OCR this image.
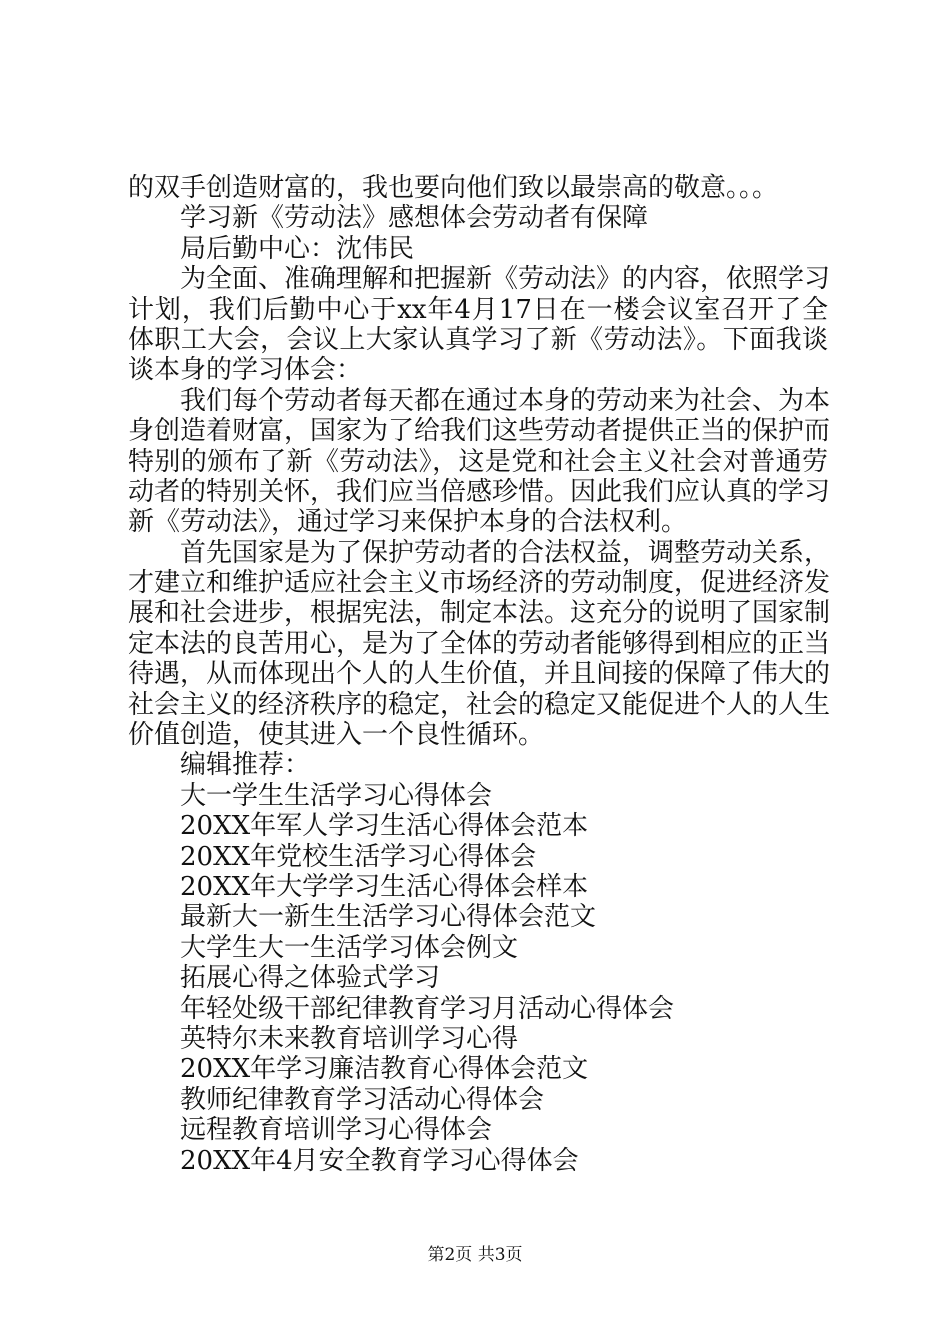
的双手创造财富的，我也要向他们致以最崇高的敬意。。。
学习新《劳动法》感想体会劳动者有保障
局后勤中心：沈伟民
为全面、准确理解和把握新《劳动法》的内容，依照学习
计划，我们后勤中心于xx年4月17日在一楼会议室召开了全
体职工大会，会议上大家认真学习了新《劳动法》。下面我谈
谈本身的学习体会：
我们每个劳动者每天都在通过本身的劳动来为社会、为本
身创造着财富，国家为了给我们这些劳动者提供正当的保护而
特别的颁布了新《劳动法》，这是党和社会主义社会对普通劳
动者的特别关怀，我们应当倍感珍惜。因此我们应认真的学习
新《劳动法》，通过学习来保护本身的合法权利。
首先国家是为了保护劳动者的合法权益，调整劳动关系，
才建立和维护适应社会主义市场经济的劳动制度，促进经济发
展和社会进步，根据宪法，制定本法。这充分的说明了国家制
定本法的良苦用心，是为了全体的劳动者能够得到相应的正当
待遇，从而体现出个人的人生价值，并且间接的保障了伟大的
社会主义的经济秩序的稳定，社会的稳定又能促进个人的人生
价值创造，使其进入一个良性循环。
编辑推荐：
大一学生生活学习心得体会
20XX年军人学习生活心得体会范本
20XX年党校生活学习心得体会
20XX年大学学习生活心得体会样本
最新大一新生生活学习心得体会范文
大学生大一生活学习体会例文
拓展心得之体验式学习
年轻处级干部纪律教育学习月活动心得体会
英特尔未来教育培训学习心得
20XX年学习廉洁教育心得体会范文
教师纪律教育学习活动心得体会
远程教育培训学习心得体会
20XX年4月安全教育学习心得体会
第2页 共3页
